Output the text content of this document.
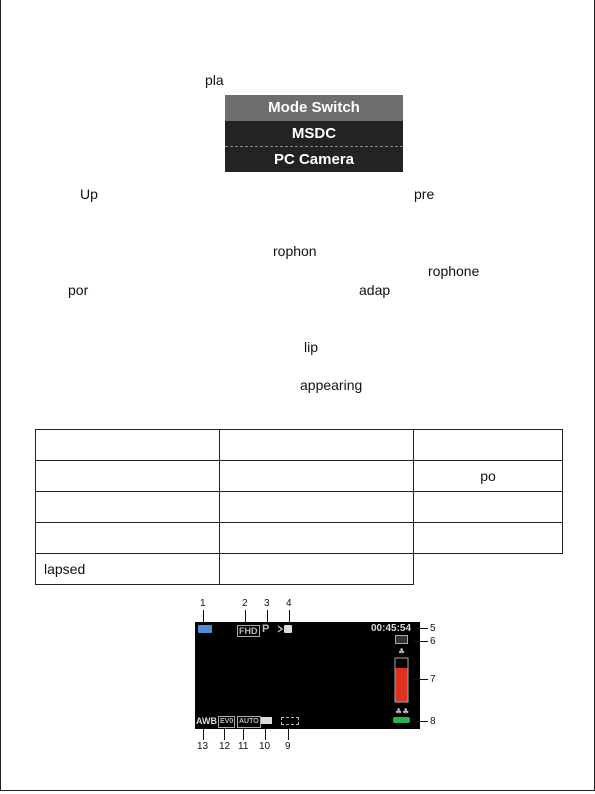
pla
Mode Switch
MSDC
PC Camera
Up	pre
rophon
rophone
por	adap
lip
appearing

		po

lapsed		
FHD P	00:45:54
♣
♣♣
AWB EV0 AUTO
1	2 3 4
5
6
7
8
13 12 11 10 9
